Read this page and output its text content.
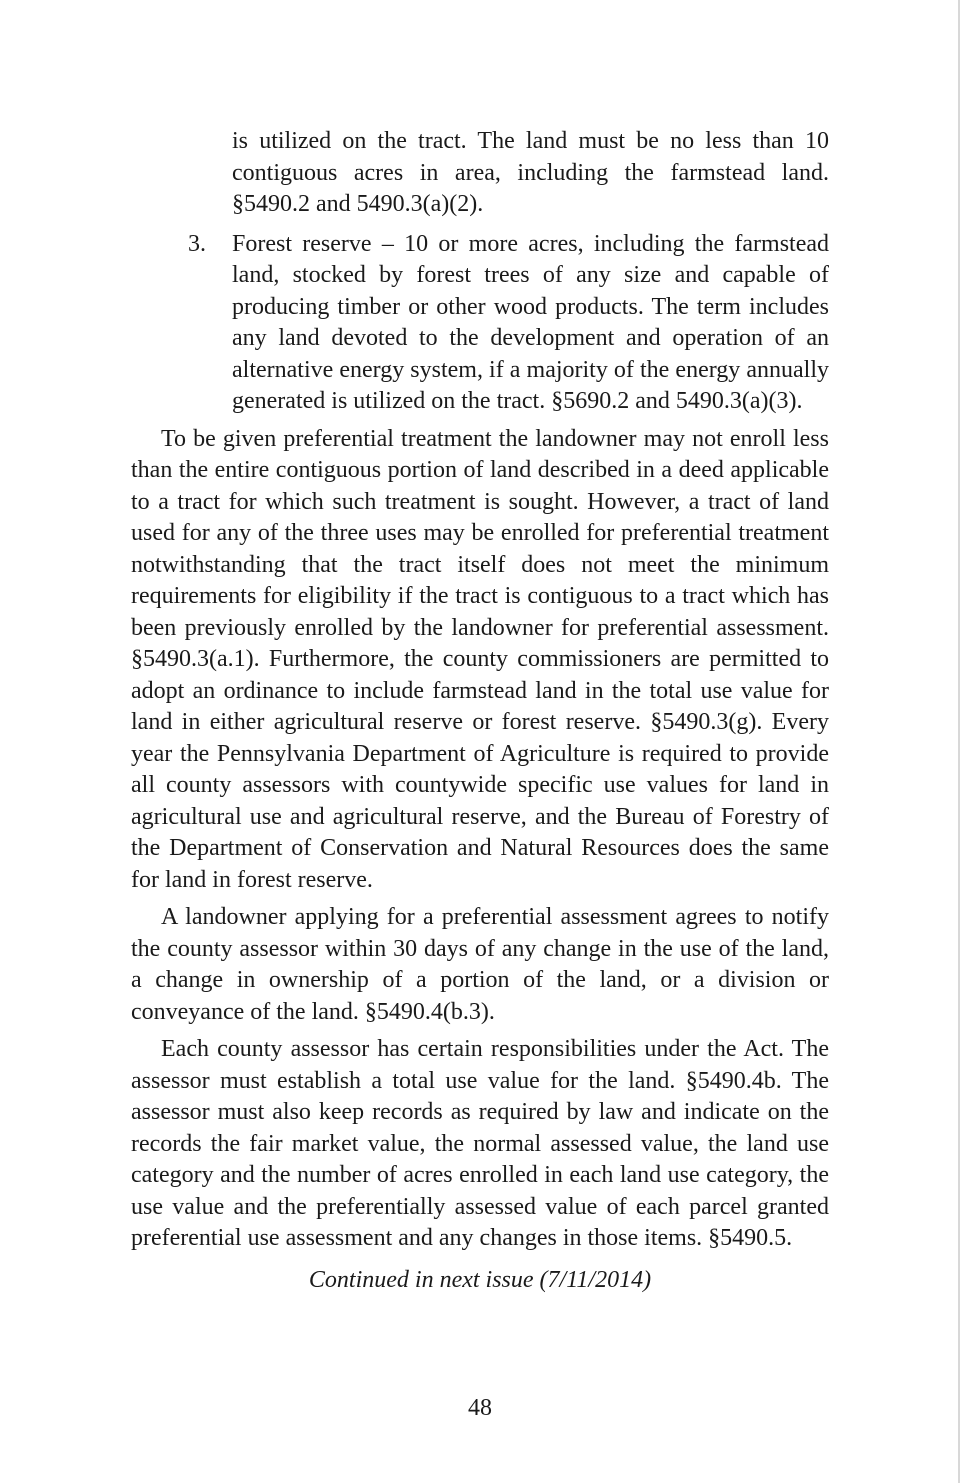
is utilized on the tract. The land must be no less than 10 contiguous acres in area, including the farmstead land. §5490.2 and 5490.3(a)(2).

3. Forest reserve – 10 or more acres, including the farmstead land, stocked by forest trees of any size and capable of producing timber or other wood products. The term includes any land devoted to the development and operation of an alternative energy system, if a majority of the energy annually generated is utilized on the tract. §5690.2 and 5490.3(a)(3).

To be given preferential treatment the landowner may not enroll less than the entire contiguous portion of land described in a deed applicable to a tract for which such treatment is sought. However, a tract of land used for any of the three uses may be enrolled for preferential treatment notwithstanding that the tract itself does not meet the minimum requirements for eligibility if the tract is contiguous to a tract which has been previously enrolled by the landowner for preferential assessment. §5490.3(a.1). Furthermore, the county commissioners are permitted to adopt an ordinance to include farmstead land in the total use value for land in either agricultural reserve or forest reserve. §5490.3(g). Every year the Pennsylvania Department of Agriculture is required to provide all county assessors with countywide specific use values for land in agricultural use and agricultural reserve, and the Bureau of Forestry of the Department of Conservation and Natural Resources does the same for land in forest reserve.

A landowner applying for a preferential assessment agrees to notify the county assessor within 30 days of any change in the use of the land, a change in ownership of a portion of the land, or a division or conveyance of the land. §5490.4(b.3).

Each county assessor has certain responsibilities under the Act. The assessor must establish a total use value for the land. §5490.4b. The assessor must also keep records as required by law and indicate on the records the fair market value, the normal assessed value, the land use category and the number of acres enrolled in each land use category, the use value and the preferentially assessed value of each parcel granted preferential use assessment and any changes in those items. §5490.5.

Continued in next issue (7/11/2014)

48
